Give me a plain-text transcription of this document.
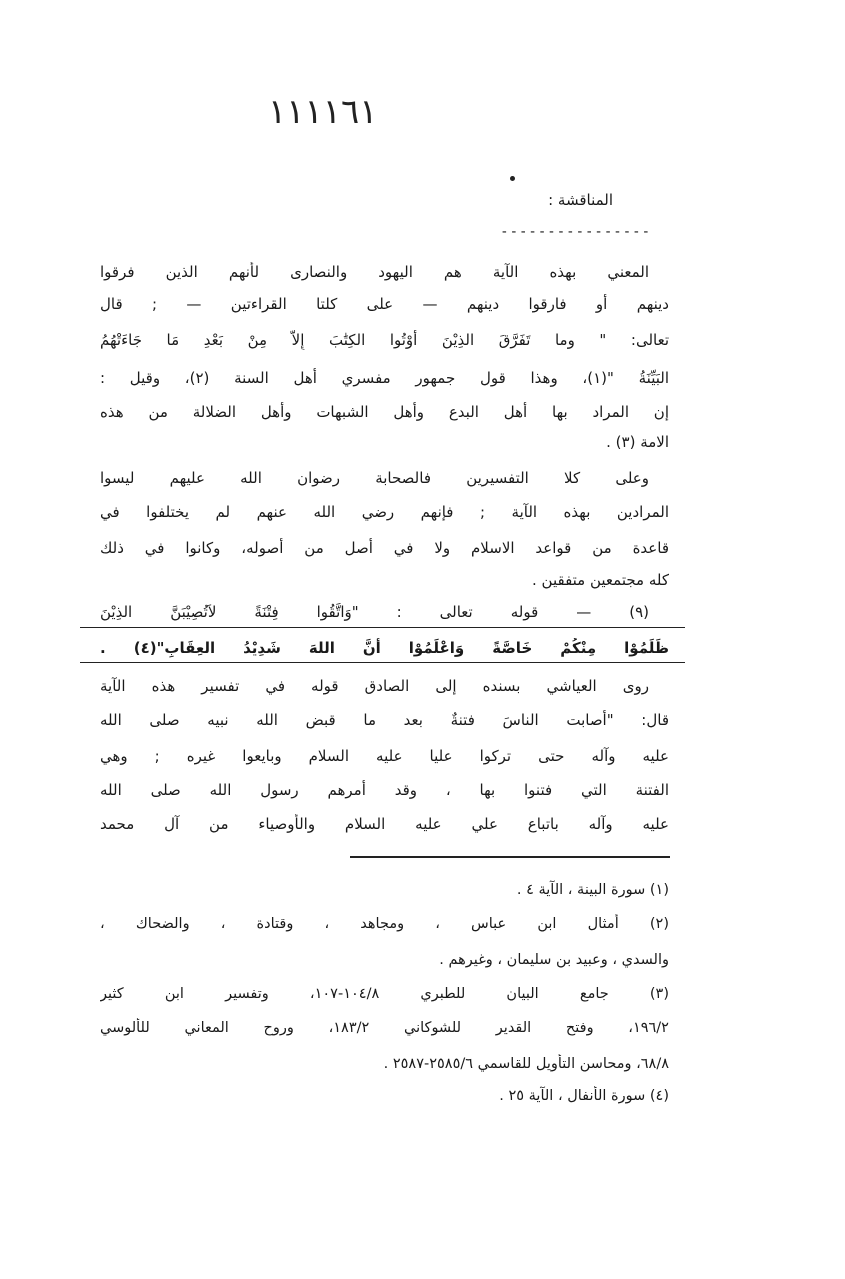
١١١١٦١
المناقشة :
----------------
المعني بهذه الآية هم اليهود والنصارى لأنهم الذين فرقوا
دينهم أو فارقوا دينهم — على كلتا القراءتين — ; قال
تعالى: " وما تَفَرَّقَ الذِيْنَ أُوْتُوا الكِتَٰبَ إِلاَّ مِنْ بَعْدِ مَا جَاءَتْهُمُ
البَيِّنَةُ "(١)، وهذا قول جمهور مفسري أهل السنة (٢)، وقيل :
إن المراد بها أهل البدع وأهل الشبهات وأهل الضلالة من هذه
الامة (٣) .
وعلى كلا التفسيرين فالصحابة رضوان الله عليهم ليسوا
المرادين بهذه الآية ; فإنهم رضي الله عنهم لم يختلفوا في
قاعدة من قواعد الاسلام ولا في أصل من أصوله، وكانوا في ذلك
كله مجتمعين متفقين .
(٩) — قوله تعالى : "وَاتَّقُوا فِتْنَةً لاَتُصِيْبَنَّ الذِيْنَ
ظَلَمُوْا مِنْكُمْ خَاصَّةً وَاعْلَمُوْا أَنَّ اللهَ شَدِيْدُ العِقَابِ"(٤) .
روى العياشي بسنده إلى الصادق قوله في تفسير هذه الآية
قال: "أصابت الناسَ فتنةٌ بعد ما قبض الله نبيه صلى الله
عليه وآله حتى تركوا عليا عليه السلام وبايعوا غيره ; وهي
الفتنة التي فتنوا بها ، وقد أمرهم رسول الله صلى الله
عليه وآله باتباع علي عليه السلام والأوصياء من آل محمد
(١) سورة البينة ، الآية ٤ .
(٢) أمثال ابن عباس ، ومجاهد ، وقتادة ، والضحاك ،
والسدي ، وعبيد بن سليمان ، وغيرهم .
(٣) جامع البيان للطبري ١٠٤/٨-١٠٧، وتفسير ابن كثير
١٩٦/٢، وفتح القدير للشوكاني ١٨٣/٢، وروح المعاني للألوسي
٦٨/٨، ومحاسن التأويل للقاسمي ٢٥٨٥/٦-٢٥٨٧ .
(٤) سورة الأنفال ، الآية ٢٥ .
